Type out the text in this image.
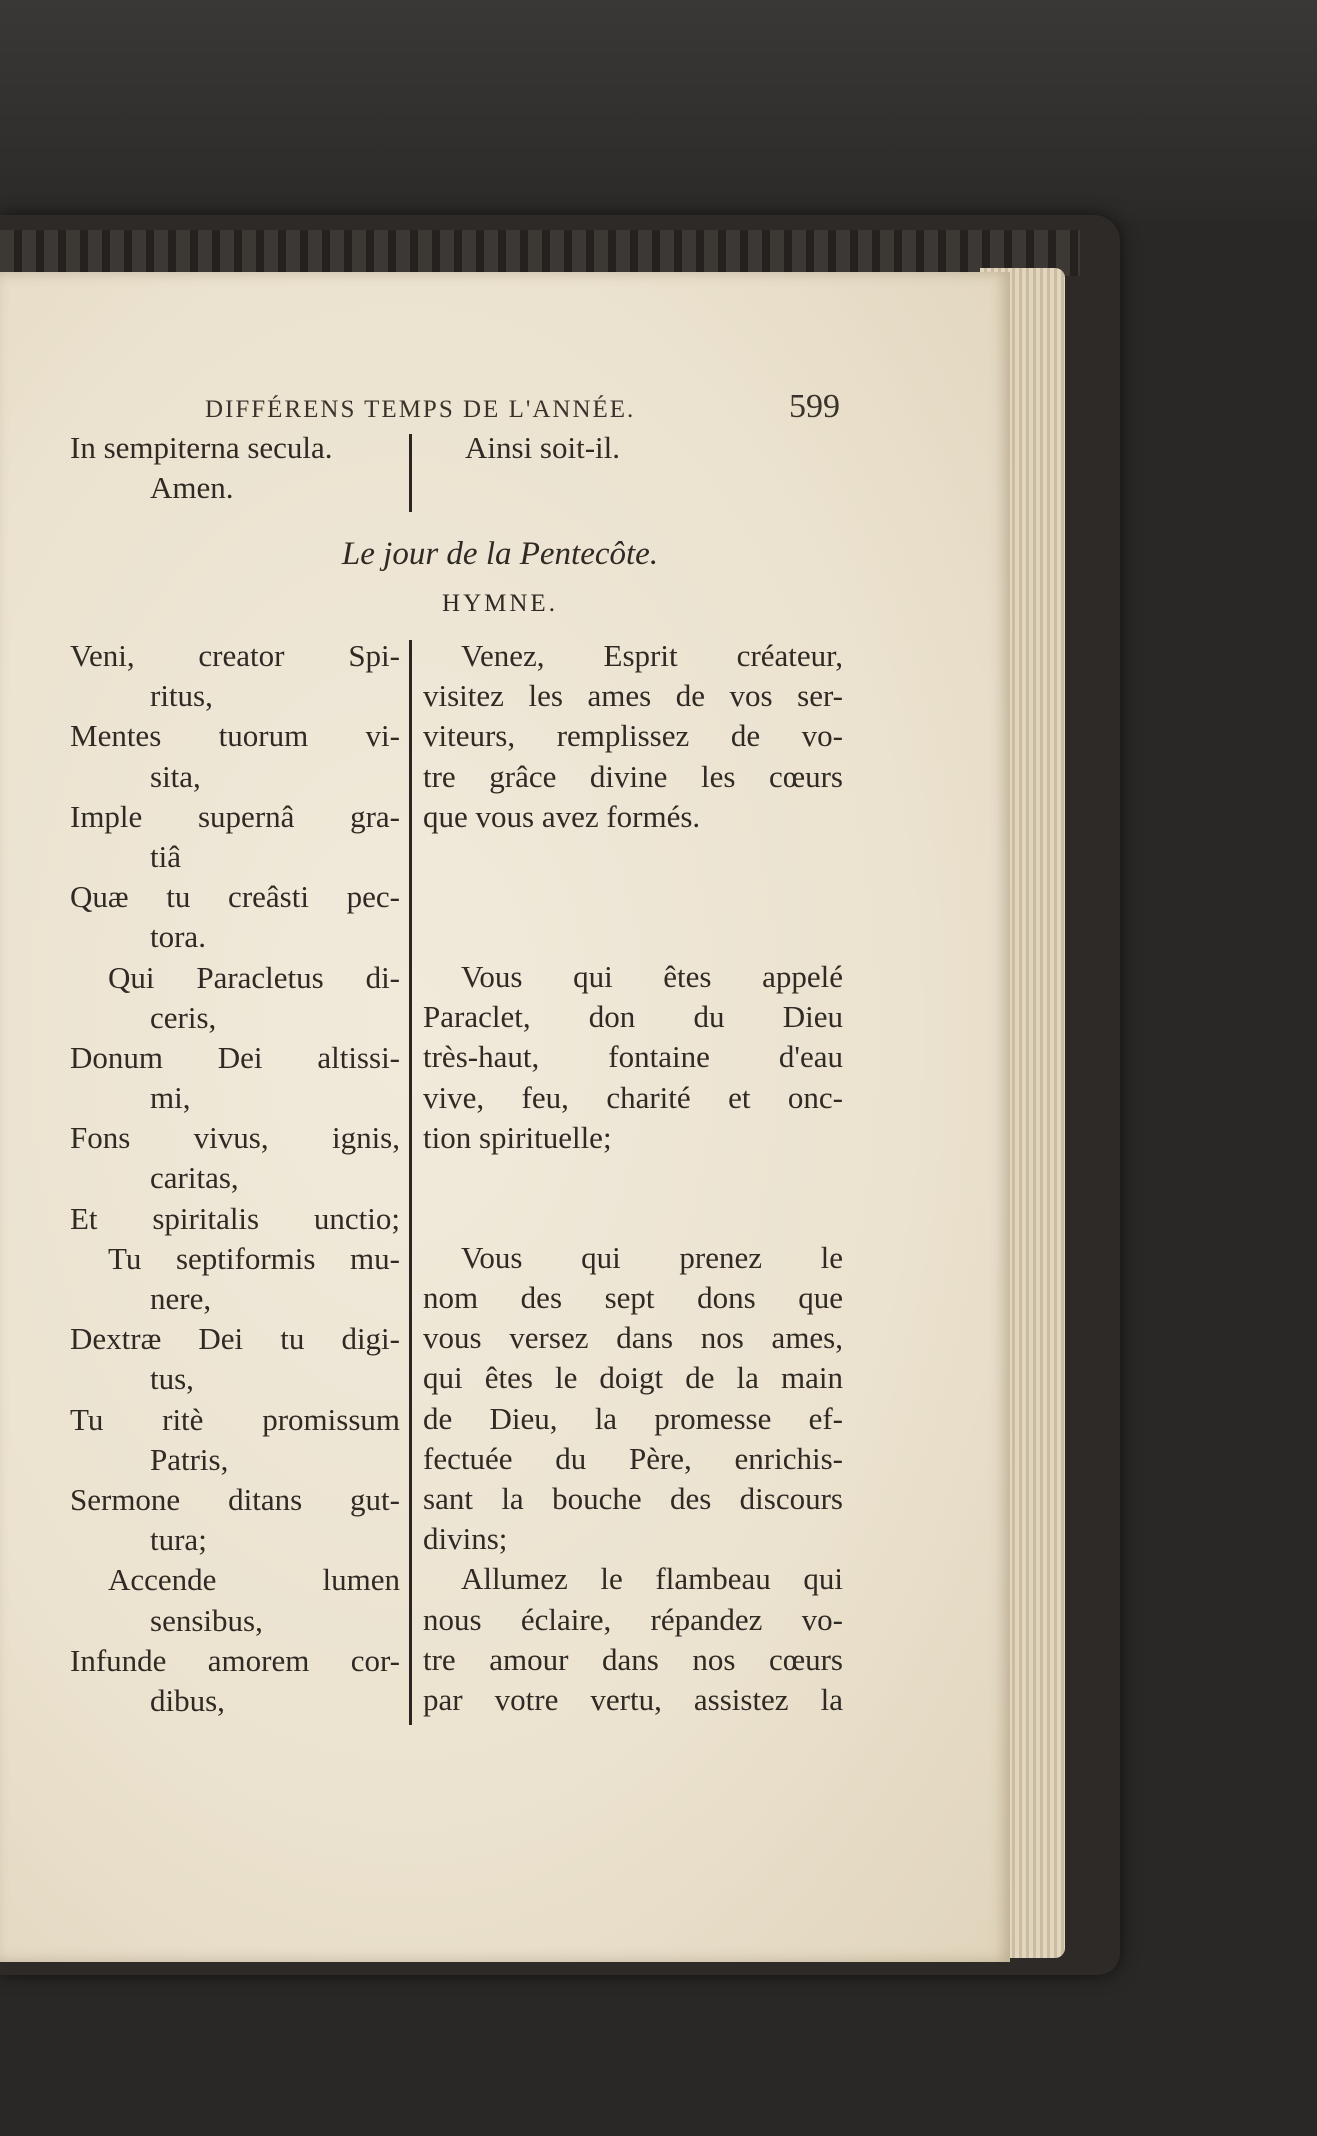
DIFFÉRENS TEMPS DE L'ANNÉE.	599
In sempiterna secula.
Amen.
Ainsi soit-il.
Le jour de la Pentecôte.
HYMNE.
Veni, creator Spi-
ritus,
Mentes tuorum vi-
sita,
Imple supernâ gra-
tiâ
Quæ tu creâsti pec-
tora.
Qui Paracletus di-
ceris,
Donum Dei altissi-
mi,
Fons vivus, ignis,
caritas,
Et spiritalis unctio;
Tu septiformis mu-
nere,
Dextræ Dei tu digi-
tus,
Tu ritè promissum
Patris,
Sermone ditans gut-
tura;
Accende lumen
sensibus,
Infunde amorem cor-
dibus,
Venez, Esprit créateur,
visitez les ames de vos ser-
viteurs, remplissez de vo-
tre grâce divine les cœurs
que vous avez formés.
Vous qui êtes appelé
Paraclet, don du Dieu
très-haut, fontaine d'eau
vive, feu, charité et onc-
tion spirituelle;
Vous qui prenez le
nom des sept dons que
vous versez dans nos ames,
qui êtes le doigt de la main
de Dieu, la promesse ef-
fectuée du Père, enrichis-
sant la bouche des discours
divins;
Allumez le flambeau qui
nous éclaire, répandez vo-
tre amour dans nos cœurs
par votre vertu, assistez la
